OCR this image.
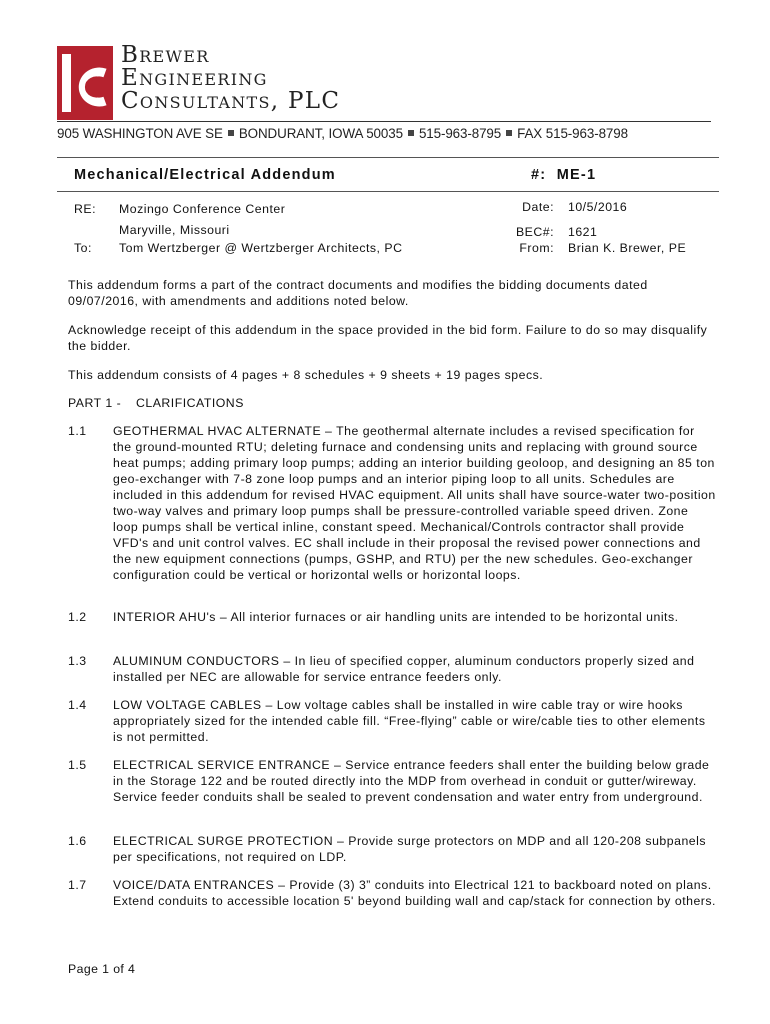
Brewer
Engineering
Consultants, PLC
905 WASHINGTON AVE SE BONDURANT, IOWA 50035 515-963-8795 FAX 515-963-8798
Mechanical/Electrical Addendum	#: ME-1
RE: Mozingo Conference Center
Maryville, Missouri
To: Tom Wertzberger @ Wertzberger Architects, PC
Date: 10/5/2016
BEC#: 1621
From: Brian K. Brewer, PE
This addendum forms a part of the contract documents and modifies the bidding documents dated 09/07/2016, with amendments and additions noted below.
Acknowledge receipt of this addendum in the space provided in the bid form. Failure to do so may disqualify the bidder.
This addendum consists of 4 pages + 8 schedules + 9 sheets + 19 pages specs.
PART 1 - CLARIFICATIONS
1.1 GEOTHERMAL HVAC ALTERNATE – The geothermal alternate includes a revised specification for the ground-mounted RTU; deleting furnace and condensing units and replacing with ground source heat pumps; adding primary loop pumps; adding an interior building geoloop, and designing an 85 ton geo-exchanger with 7-8 zone loop pumps and an interior piping loop to all units. Schedules are included in this addendum for revised HVAC equipment. All units shall have source-water two-position two-way valves and primary loop pumps shall be pressure-controlled variable speed driven. Zone loop pumps shall be vertical inline, constant speed. Mechanical/Controls contractor shall provide VFD's and unit control valves. EC shall include in their proposal the revised power connections and the new equipment connections (pumps, GSHP, and RTU) per the new schedules. Geo-exchanger configuration could be vertical or horizontal wells or horizontal loops.
1.2 INTERIOR AHU's – All interior furnaces or air handling units are intended to be horizontal units.
1.3 ALUMINUM CONDUCTORS – In lieu of specified copper, aluminum conductors properly sized and installed per NEC are allowable for service entrance feeders only.
1.4 LOW VOLTAGE CABLES – Low voltage cables shall be installed in wire cable tray or wire hooks appropriately sized for the intended cable fill. “Free-flying” cable or wire/cable ties to other elements is not permitted.
1.5 ELECTRICAL SERVICE ENTRANCE – Service entrance feeders shall enter the building below grade in the Storage 122 and be routed directly into the MDP from overhead in conduit or gutter/wireway. Service feeder conduits shall be sealed to prevent condensation and water entry from underground.
1.6 ELECTRICAL SURGE PROTECTION – Provide surge protectors on MDP and all 120-208 subpanels per specifications, not required on LDP.
1.7 VOICE/DATA ENTRANCES – Provide (3) 3” conduits into Electrical 121 to backboard noted on plans. Extend conduits to accessible location 5' beyond building wall and cap/stack for connection by others.
Page 1 of 4
